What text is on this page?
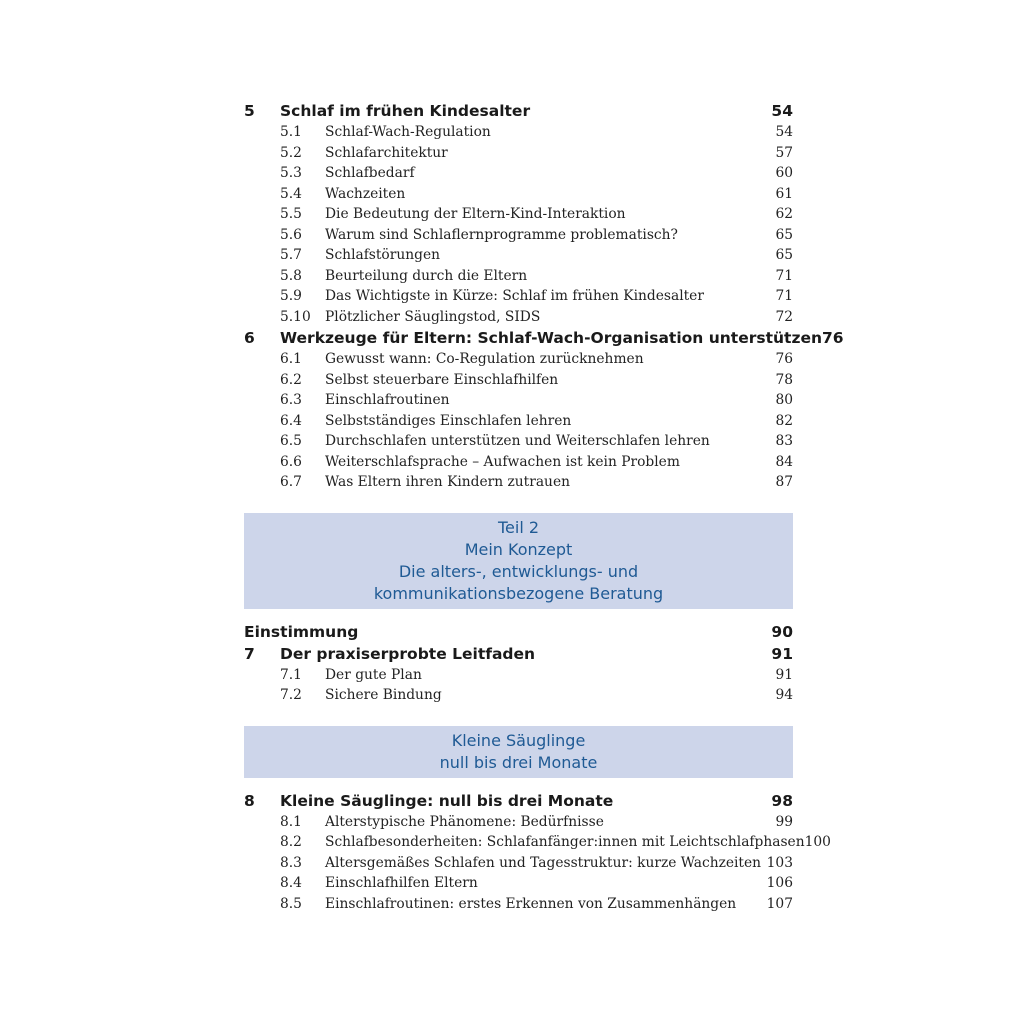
5	Schlaf im frühen Kindesalter	54
5.1	Schlaf-Wach-Regulation	54
5.2	Schlafarchitektur	57
5.3	Schlafbedarf	60
5.4	Wachzeiten	61
5.5	Die Bedeutung der Eltern-Kind-Interaktion	62
5.6	Warum sind Schlaflernprogramme problematisch?	65
5.7	Schlafstörungen	65
5.8	Beurteilung durch die Eltern	71
5.9	Das Wichtigste in Kürze: Schlaf im frühen Kindesalter	71
5.10	Plötzlicher Säuglingstod, SIDS	72
6	Werkzeuge für Eltern: Schlaf-Wach-Organisation unterstützen 76
6.1	Gewusst wann: Co-Regulation zurücknehmen	76
6.2	Selbst steuerbare Einschlafhilfen	78
6.3	Einschlafroutinen	80
6.4	Selbstständiges Einschlafen lehren	82
6.5	Durchschlafen unterstützen und Weiterschlafen lehren	83
6.6	Weiterschlafsprache – Aufwachen ist kein Problem	84
6.7	Was Eltern ihren Kindern zutrauen	87
Teil 2
Mein Konzept
Die alters-, entwicklungs- und
kommunikationsbezogene Beratung
Einstimmung	90
7	Der praxiserprobte Leitfaden	91
7.1	Der gute Plan	91
7.2	Sichere Bindung	94
Kleine Säuglinge
null bis drei Monate
8	Kleine Säuglinge: null bis drei Monate	98
8.1	Alterstypische Phänomene: Bedürfnisse	99
8.2	Schlafbesonderheiten: Schlafanfänger:innen mit Leichtschlafphasen 100
8.3	Altersgemäßes Schlafen und Tagesstruktur: kurze Wachzeiten 103
8.4	Einschlafhilfen Eltern	106
8.5	Einschlafroutinen: erstes Erkennen von Zusammenhängen	107
